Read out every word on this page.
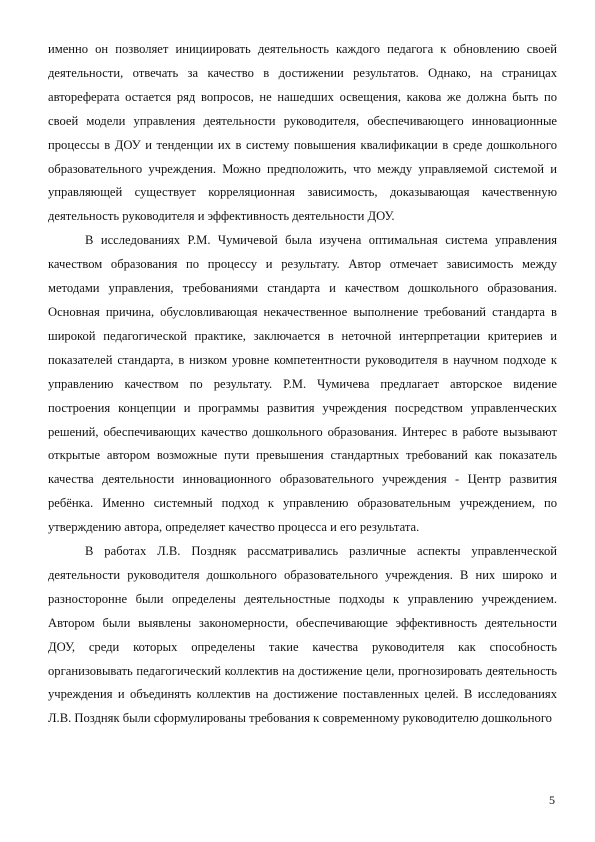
именно он позволяет инициировать деятельность каждого педагога к обновлению своей деятельности, отвечать за качество в достижении результатов. Однако, на страницах автореферата остается ряд вопросов, не нашедших освещения, какова же должна быть по своей модели управления деятельности руководителя, обеспечивающего инновационные процессы в ДОУ и тенденции их в систему повышения квалификации в среде дошкольного образовательного учреждения. Можно предположить, что между управляемой системой и управляющей существует корреляционная зависимость, доказывающая качественную деятельность руководителя и эффективность деятельности ДОУ.

В исследованиях Р.М. Чумичевой была изучена оптимальная система управления качеством образования по процессу и результату. Автор отмечает зависимость между методами управления, требованиями стандарта и качеством дошкольного образования. Основная причина, обусловливающая некачественное выполнение требований стандарта в широкой педагогической практике, заключается в неточной интерпретации критериев и показателей стандарта, в низком уровне компетентности руководителя в научном подходе к управлению качеством по результату. Р.М. Чумичева предлагает авторское видение построения концепции и программы развития учреждения посредством управленческих решений, обеспечивающих качество дошкольного образования. Интерес в работе вызывают открытые автором возможные пути превышения стандартных требований как показатель качества деятельности инновационного образовательного учреждения - Центр развития ребёнка. Именно системный подход к управлению образовательным учреждением, по утверждению автора, определяет качество процесса и его результата.

В работах Л.В. Поздняк рассматривались различные аспекты управленческой деятельности руководителя дошкольного образовательного учреждения. В них широко и разносторонне были определены деятельностные подходы к управлению учреждением. Автором были выявлены закономерности, обеспечивающие эффективность деятельности ДОУ, среди которых определены такие качества руководителя как способность организовывать педагогический коллектив на достижение цели, прогнозировать деятельность учреждения и объединять коллектив на достижение поставленных целей. В исследованиях Л.В. Поздняк были сформулированы требования к современному руководителю дошкольного

5
